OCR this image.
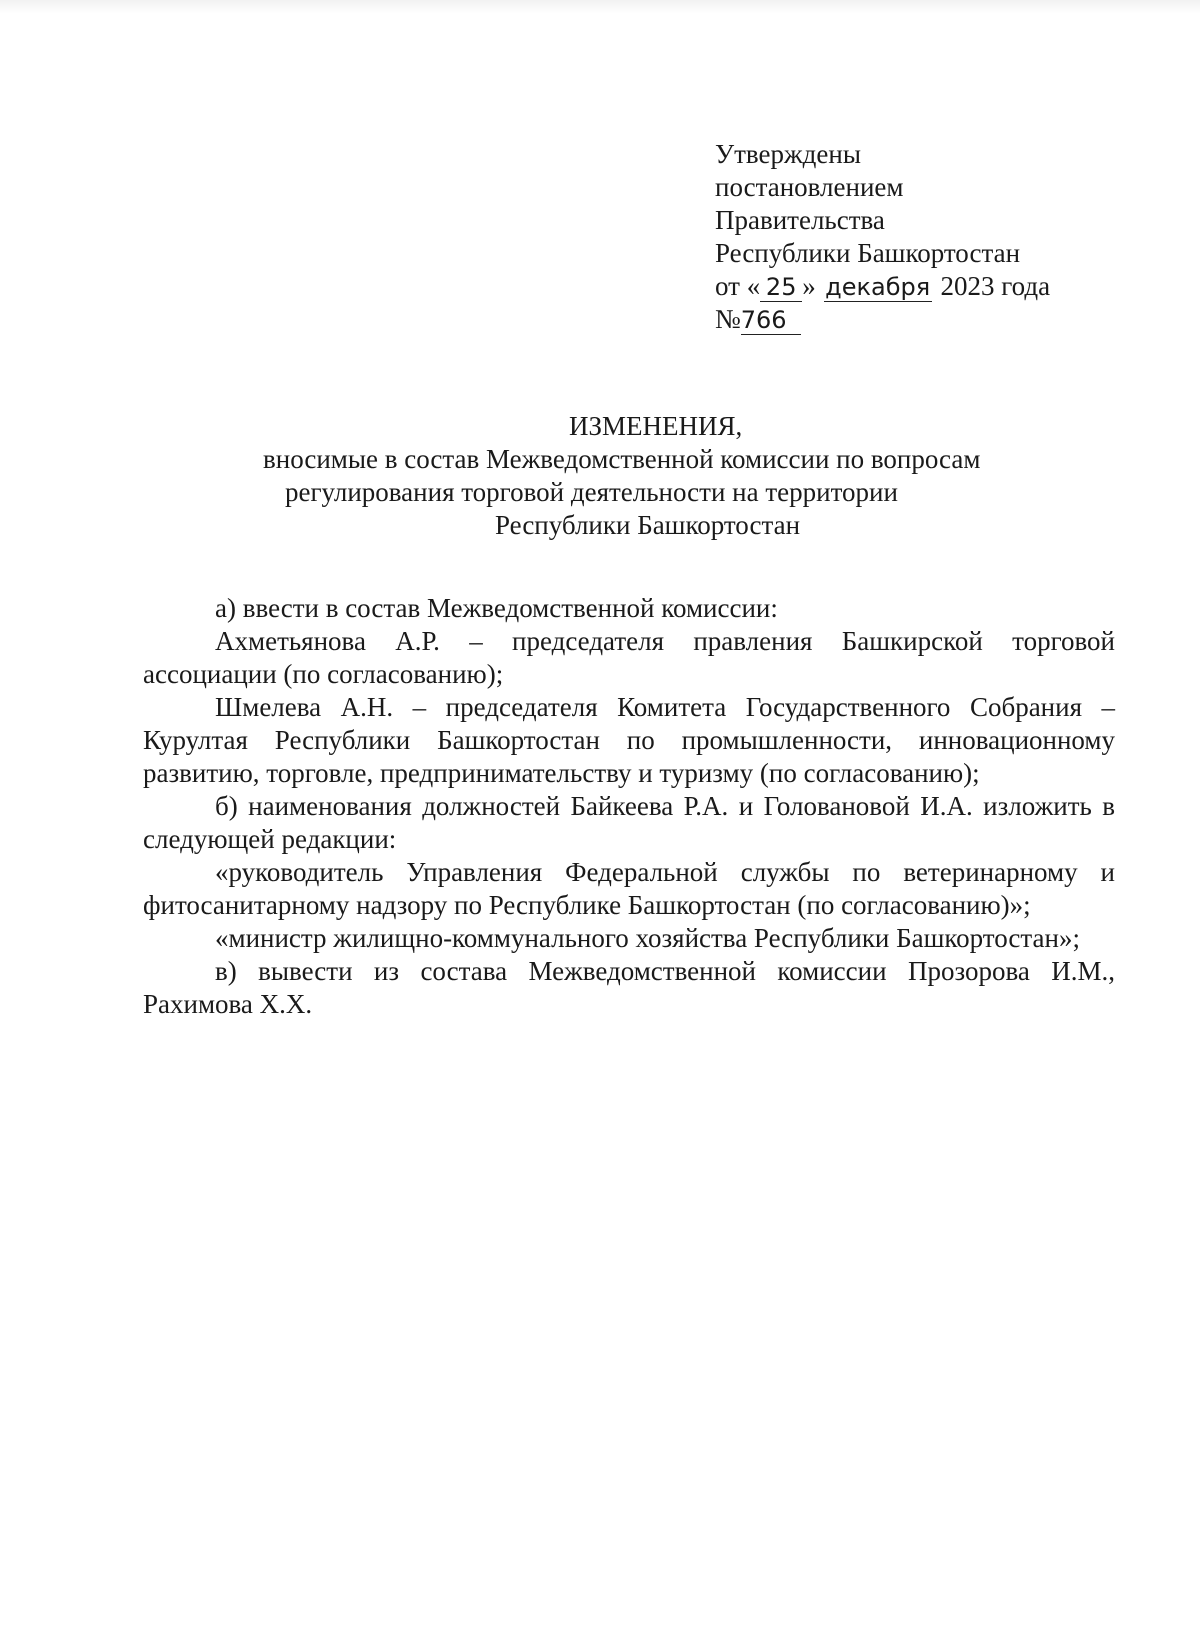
Утверждены
постановлением
Правительства
Республики Башкортостан
от « 25 » декабря 2023 года
№766
ИЗМЕНЕНИЯ,
вносимые в состав Межведомственной комиссии по вопросам
регулирования торговой деятельности на территории
Республики Башкортостан

а) ввести в состав Межведомственной комиссии:

Ахметьянова А.Р. – председателя правления Башкирской торговой ассоциации (по согласованию);

Шмелева А.Н. – председателя Комитета Государственного Собрания – Курултая Республики Башкортостан по промышленности, инновационному развитию, торговле, предпринимательству и туризму (по согласованию);

б) наименования должностей Байкеева Р.А. и Головановой И.А. изложить в следующей редакции:

«руководитель Управления Федеральной службы по ветеринарному и фитосанитарному надзору по Республике Башкортостан (по согласованию)»;

«министр жилищно-коммунального хозяйства Республики Башкортостан»;

в) вывести из состава Межведомственной комиссии Прозорова И.М., Рахимова Х.Х.
